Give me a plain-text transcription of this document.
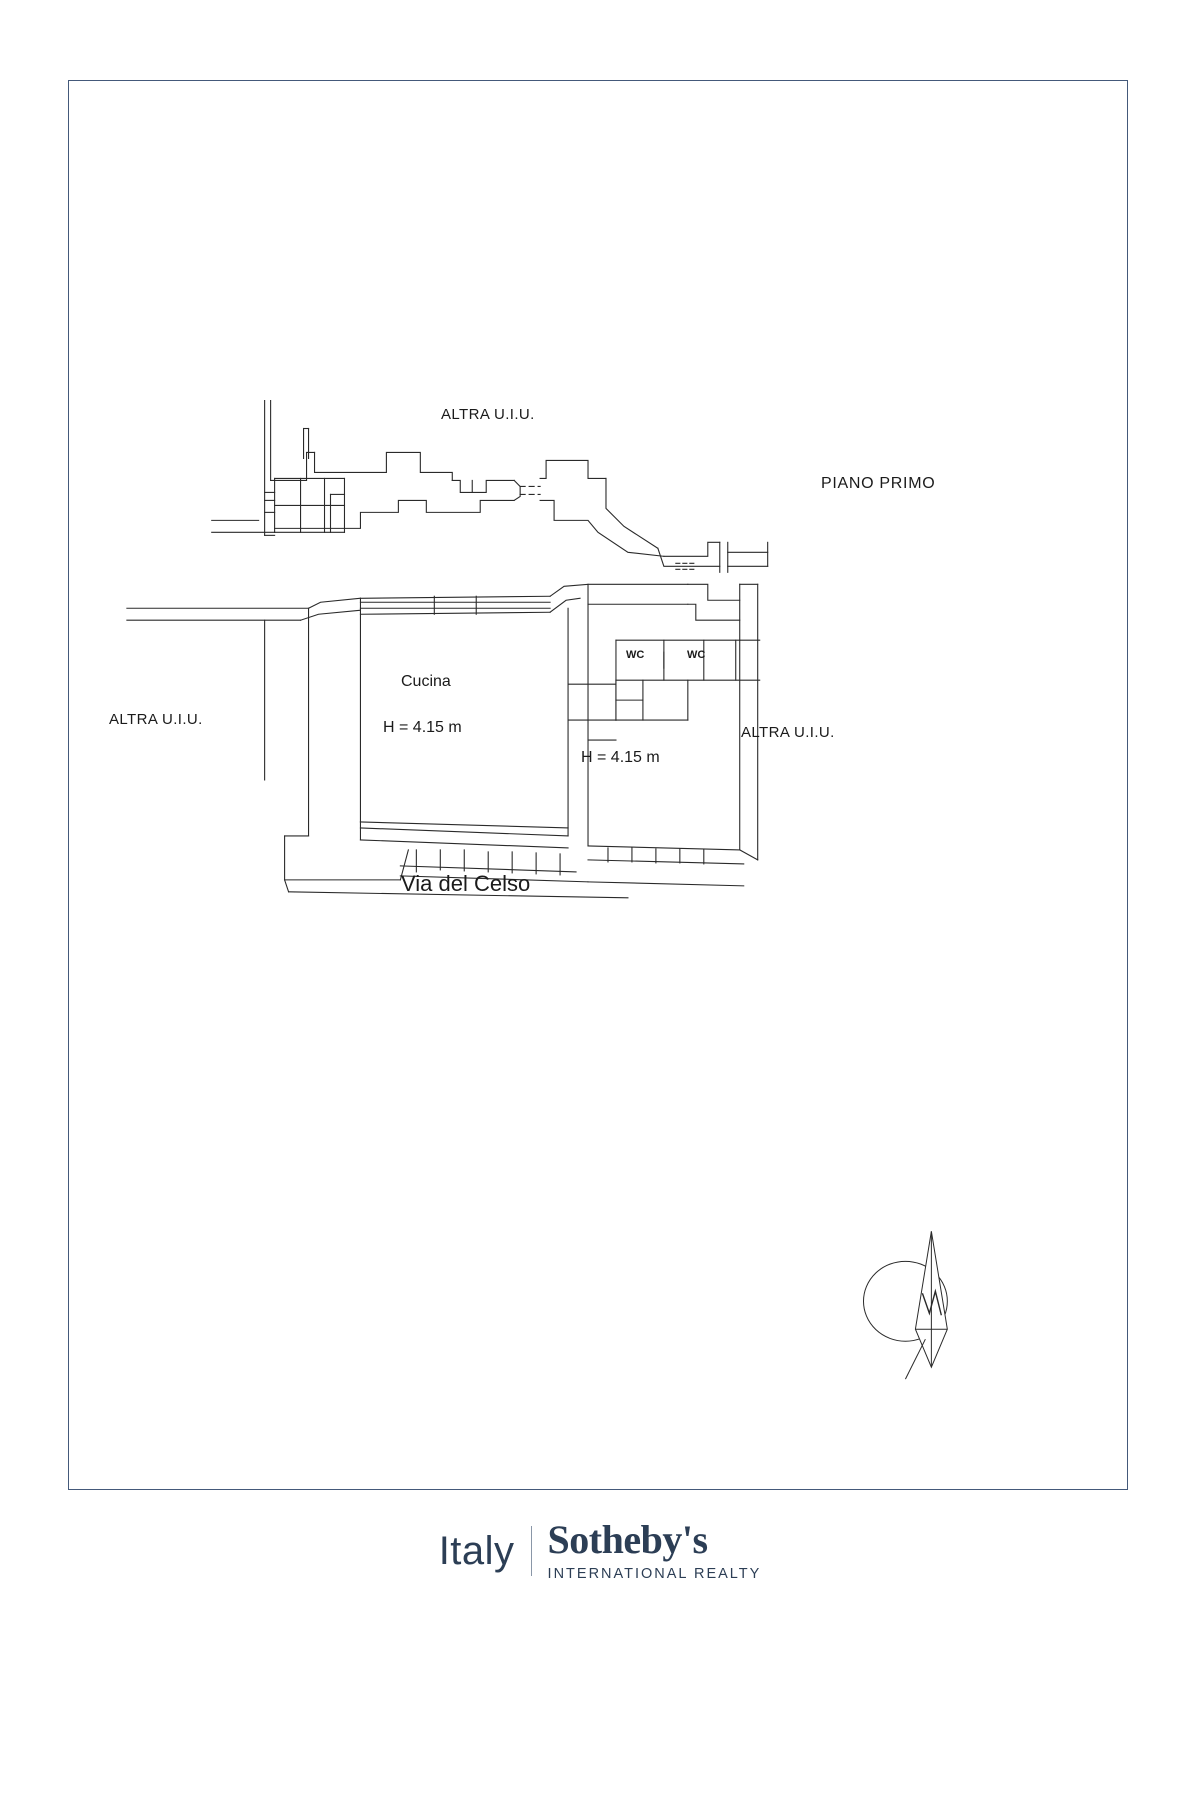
ALTRA U.I.U.
PIANO PRIMO
ALTRA U.I.U.
ALTRA U.I.U.
Cucina
H = 4.15 m
H = 4.15 m
WC	WC
Via del Celso
Italy Sotheby's
INTERNATIONAL REALTY
